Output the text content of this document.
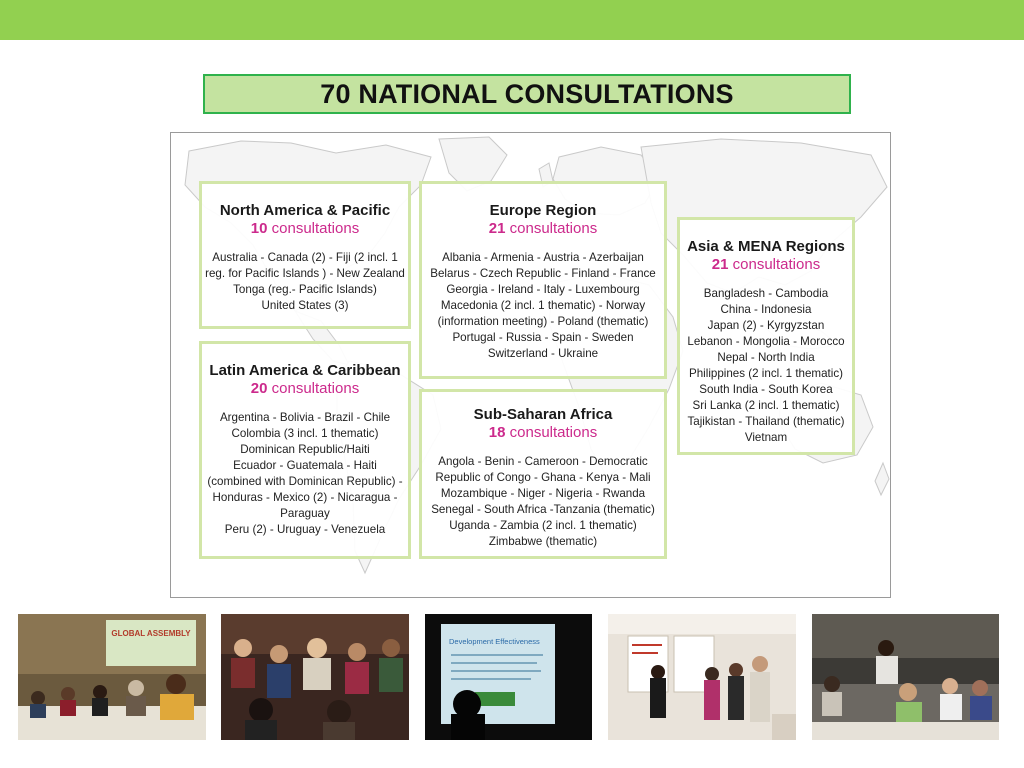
70 NATIONAL CONSULTATIONS
North America & Pacific
10 consultations
Australia - Canada (2) - Fiji (2 incl. 1
reg. for Pacific Islands ) - New Zealand
Tonga (reg.- Pacific Islands)
United States (3)
Europe Region
21 consultations
Albania - Armenia - Austria - Azerbaijan
Belarus - Czech Republic - Finland - France
Georgia - Ireland - Italy - Luxembourg
Macedonia (2 incl. 1 thematic) - Norway
(information meeting) - Poland (thematic)
Portugal - Russia - Spain - Sweden
Switzerland - Ukraine
Asia & MENA Regions
21 consultations
Bangladesh - Cambodia
China - Indonesia
Japan (2) - Kyrgyzstan
Lebanon - Mongolia - Morocco
Nepal - North India
Philippines (2 incl. 1 thematic)
South India - South Korea
Sri Lanka (2 incl. 1 thematic)
Tajikistan - Thailand (thematic)
Vietnam
Latin America & Caribbean
20 consultations
Argentina - Bolivia - Brazil - Chile
Colombia (3 incl. 1 thematic)
Dominican Republic/Haiti
Ecuador - Guatemala - Haiti
(combined with Dominican Republic) -
Honduras - Mexico (2) - Nicaragua -
Paraguay
Peru (2) - Uruguay - Venezuela
Sub-Saharan Africa
18 consultations
Angola - Benin - Cameroon - Democratic
Republic of Congo - Ghana - Kenya - Mali
Mozambique - Niger - Nigeria - Rwanda
Senegal - South Africa -Tanzania (thematic)
Uganda - Zambia (2 incl. 1 thematic)
Zimbabwe (thematic)
GLOBAL ASSEMBLY
Development Effectiveness
